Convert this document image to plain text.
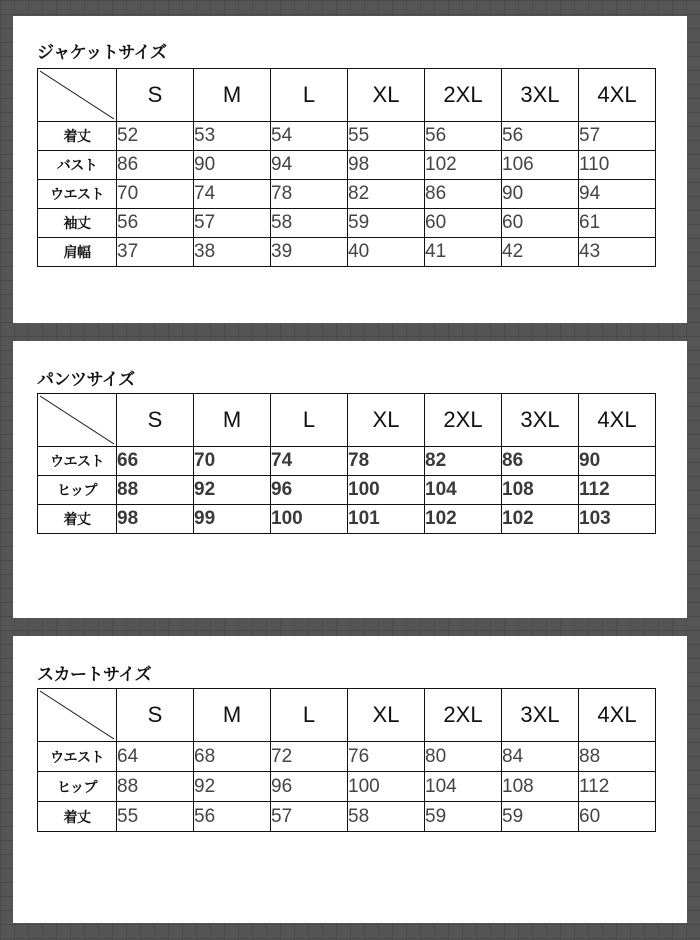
ジャケットサイズ
	S	M	L	XL	2XL	3XL	4XL
着丈	52	53	54	55	56	56	57
バスト	86	90	94	98	102	106	110
ウエスト	70	74	78	82	86	90	94
袖丈	56	57	58	59	60	60	61
肩幅	37	38	39	40	41	42	43
パンツサイズ
	S	M	L	XL	2XL	3XL	4XL
ウエスト	66	70	74	78	82	86	90
ヒップ	88	92	96	100	104	108	112
着丈	98	99	100	101	102	102	103
スカートサイズ
	S	M	L	XL	2XL	3XL	4XL
ウエスト	64	68	72	76	80	84	88
ヒップ	88	92	96	100	104	108	112
着丈	55	56	57	58	59	59	60
